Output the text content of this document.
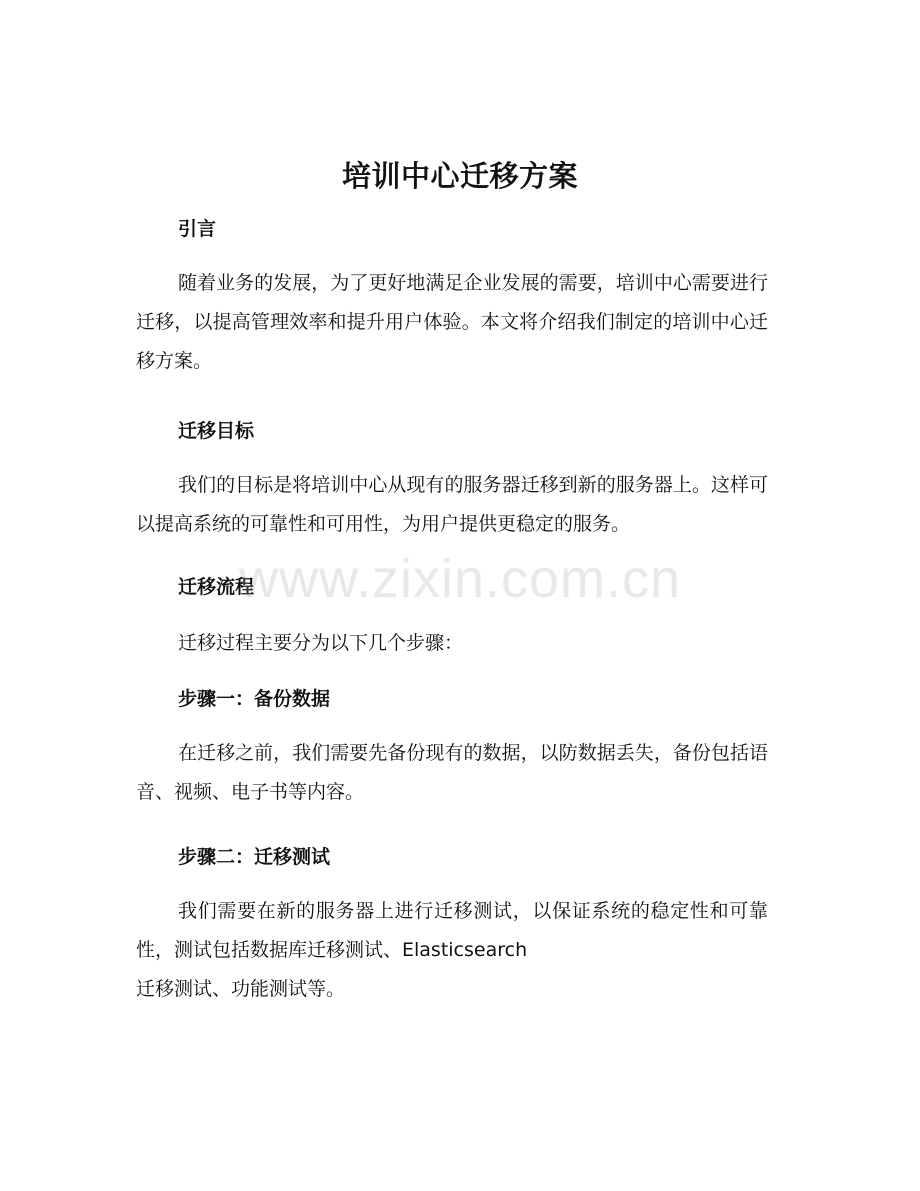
培训中心迁移方案
引言
随着业务的发展，为了更好地满足企业发展的需要，培训中心需要进行迁移，以提高管理效率和提升用户体验。本文将介绍我们制定的培训中心迁移方案。
迁移目标
我们的目标是将培训中心从现有的服务器迁移到新的服务器上。这样可以提高系统的可靠性和可用性，为用户提供更稳定的服务。
迁移流程
迁移过程主要分为以下几个步骤：
步骤一：备份数据
在迁移之前，我们需要先备份现有的数据，以防数据丢失，备份包括语音、视频、电子书等内容。
步骤二：迁移测试
我们需要在新的服务器上进行迁移测试，以保证系统的稳定性和可靠性，测试包括数据库迁移测试、Elasticsearch
迁移测试、功能测试等。
www.zixin.com.cn
